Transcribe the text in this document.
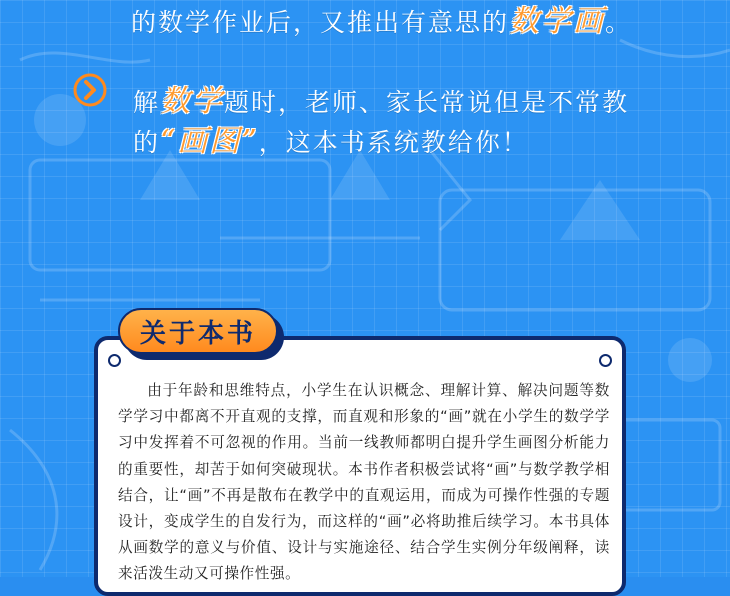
的数学作业后，又推出有意思的数学画。
解数学题时，老师、家长常说但是不常教
的“画图”，这本书系统教给你！
关于本书

由于年龄和思维特点，小学生在认识概念、理解计算、解决问题等数学学习中都离不开直观的支撑，而直观和形象的“画”就在小学生的数学学习中发挥着不可忽视的作用。当前一线教师都明白提升学生画图分析能力的重要性，却苦于如何突破现状。本书作者积极尝试将“画”与数学教学相结合，让“画”不再是散布在教学中的直观运用，而成为可操作性强的专题设计，变成学生的自发行为，而这样的“画”必将助推后续学习。本书具体从画数学的意义与价值、设计与实施途径、结合学生实例分年级阐释，读来活泼生动又可操作性强。
